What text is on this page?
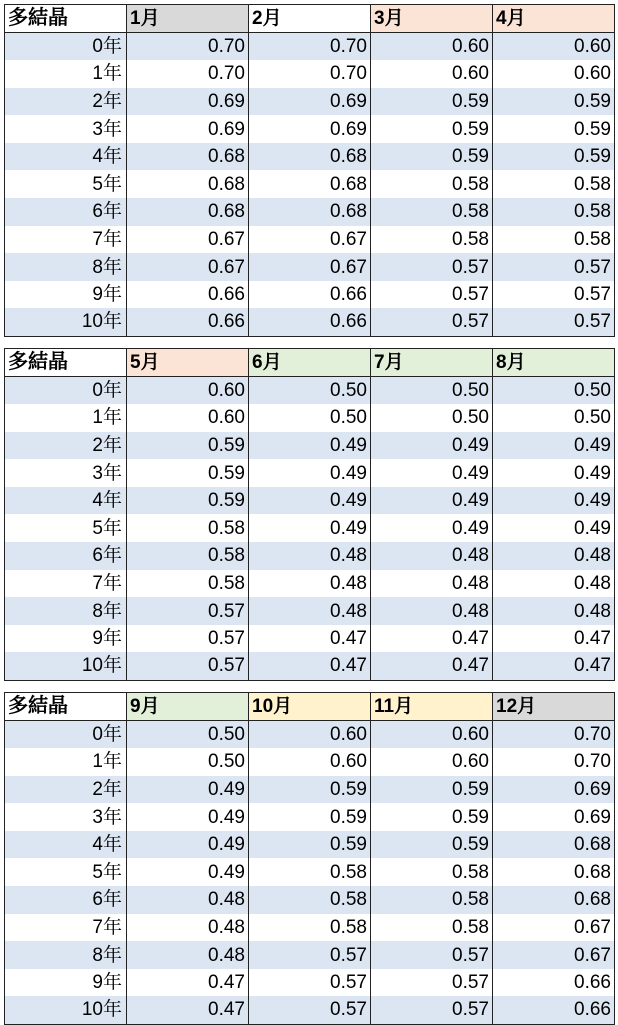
多結晶	1月	2月	3月	4月
0年	0.70	0.70	0.60	0.60
1年	0.70	0.70	0.60	0.60
2年	0.69	0.69	0.59	0.59
3年	0.69	0.69	0.59	0.59
4年	0.68	0.68	0.59	0.59
5年	0.68	0.68	0.58	0.58
6年	0.68	0.68	0.58	0.58
7年	0.67	0.67	0.58	0.58
8年	0.67	0.67	0.57	0.57
9年	0.66	0.66	0.57	0.57
10年	0.66	0.66	0.57	0.57
多結晶	5月	6月	7月	8月
0年	0.60	0.50	0.50	0.50
1年	0.60	0.50	0.50	0.50
2年	0.59	0.49	0.49	0.49
3年	0.59	0.49	0.49	0.49
4年	0.59	0.49	0.49	0.49
5年	0.58	0.49	0.49	0.49
6年	0.58	0.48	0.48	0.48
7年	0.58	0.48	0.48	0.48
8年	0.57	0.48	0.48	0.48
9年	0.57	0.47	0.47	0.47
10年	0.57	0.47	0.47	0.47
多結晶	9月	10月	11月	12月
0年	0.50	0.60	0.60	0.70
1年	0.50	0.60	0.60	0.70
2年	0.49	0.59	0.59	0.69
3年	0.49	0.59	0.59	0.69
4年	0.49	0.59	0.59	0.68
5年	0.49	0.58	0.58	0.68
6年	0.48	0.58	0.58	0.68
7年	0.48	0.58	0.58	0.67
8年	0.48	0.57	0.57	0.67
9年	0.47	0.57	0.57	0.66
10年	0.47	0.57	0.57	0.66
